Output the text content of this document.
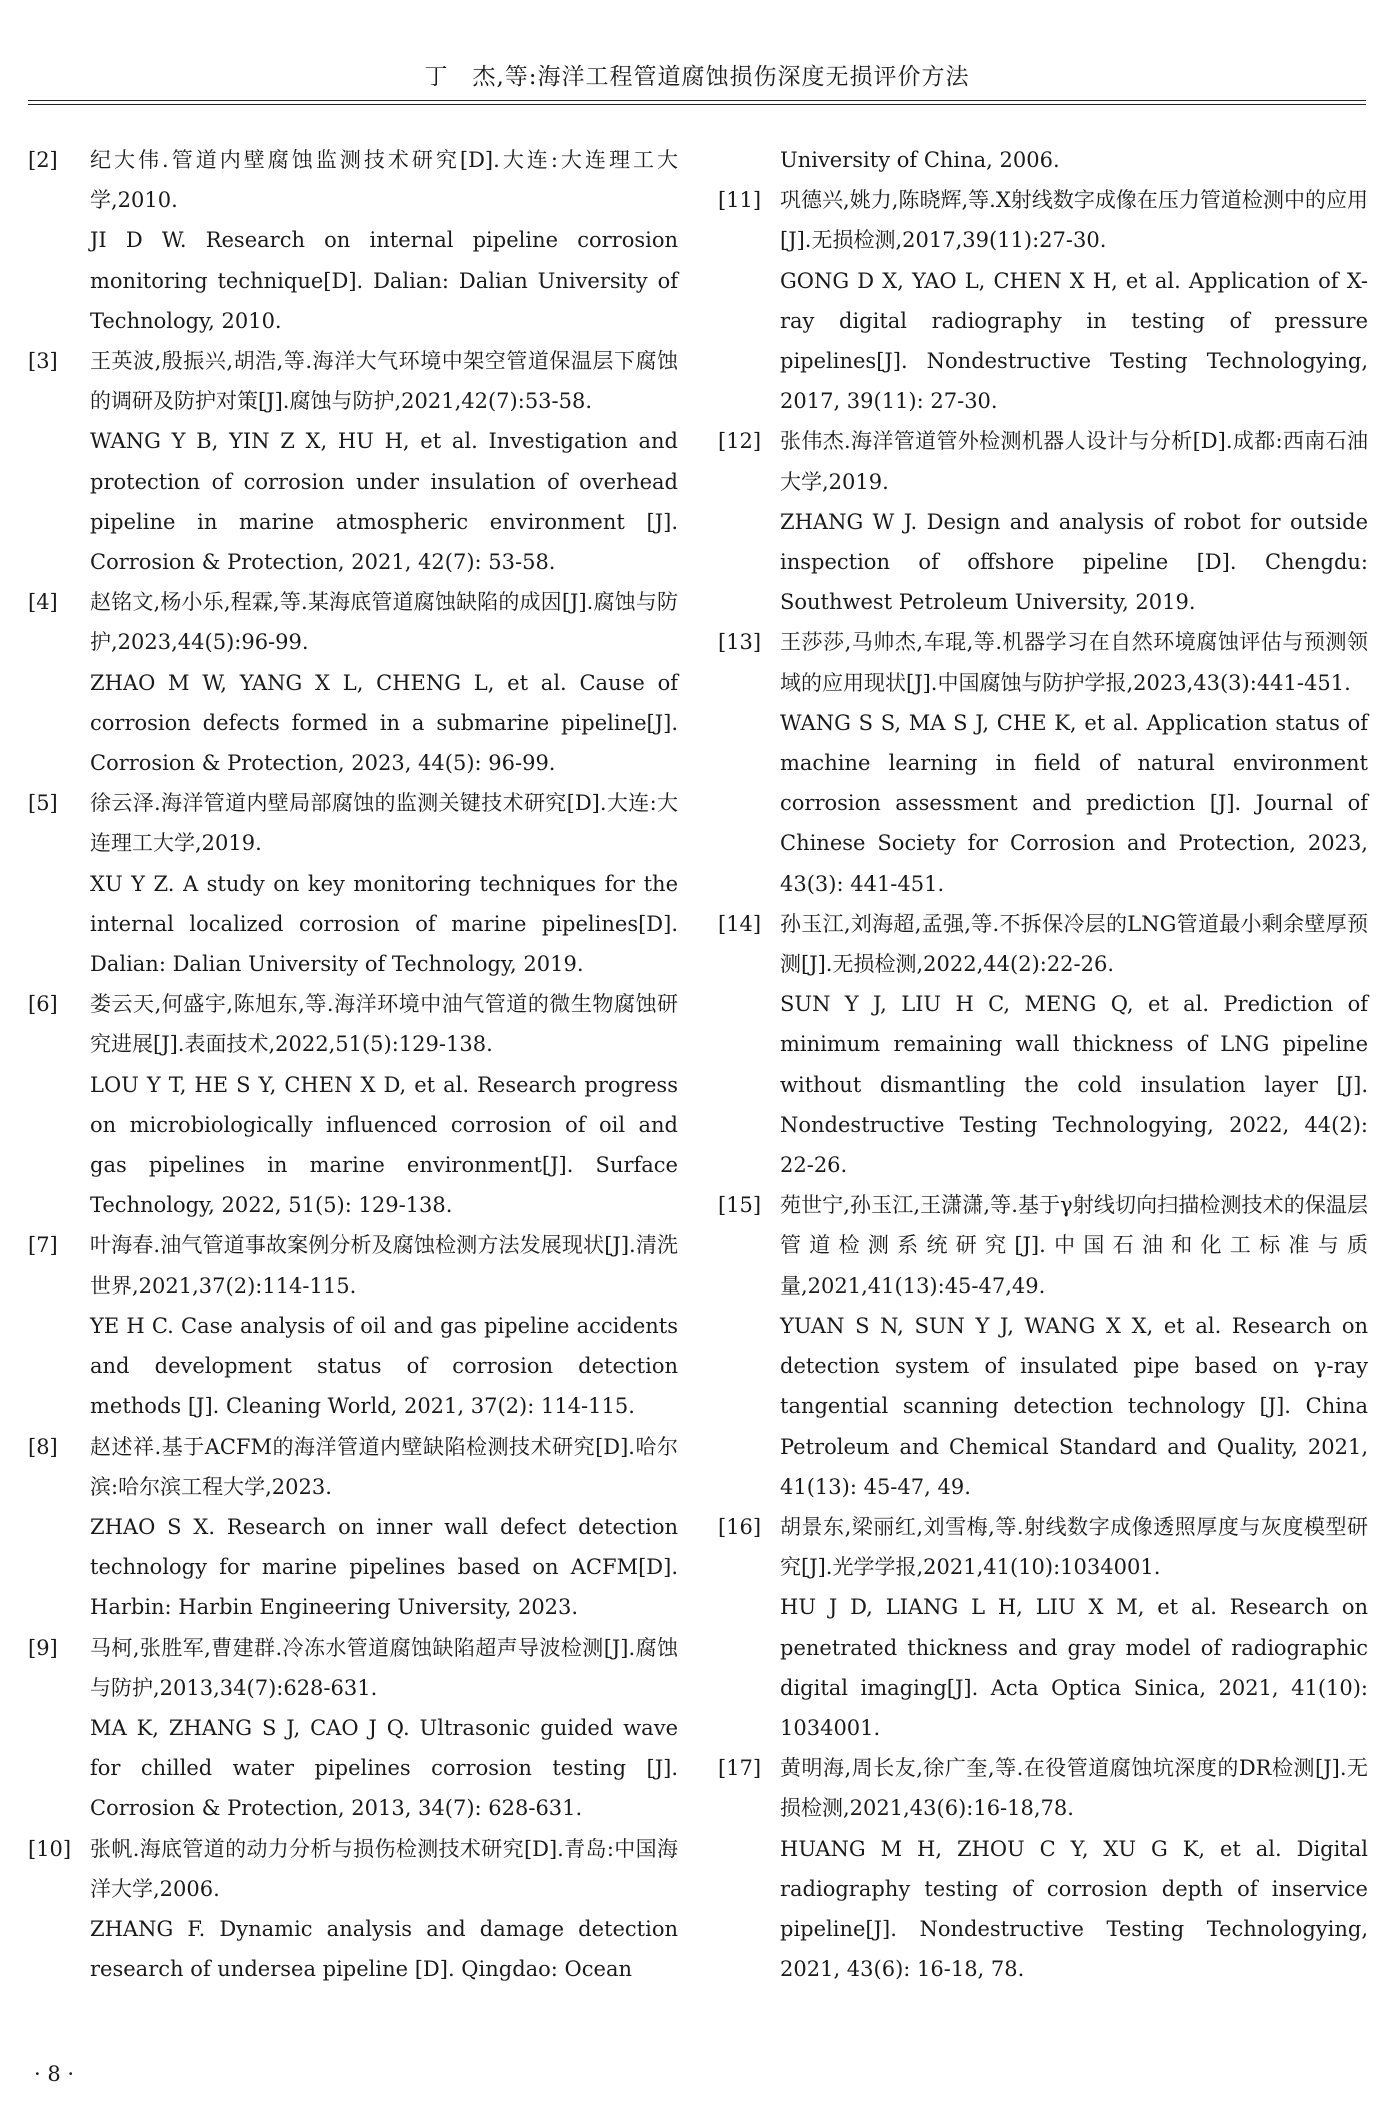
丁　杰,等:海洋工程管道腐蚀损伤深度无损评价方法
[2] 纪大伟.管道内壁腐蚀监测技术研究[D].大连:大连理工大学,2010.
JI D W. Research on internal pipeline corrosion monitoring technique[D]. Dalian: Dalian University of Technology, 2010.
[3] 王英波,殷振兴,胡浩,等.海洋大气环境中架空管道保温层下腐蚀的调研及防护对策[J].腐蚀与防护,2021,42(7):53-58.
WANG Y B, YIN Z X, HU H, et al. Investigation and protection of corrosion under insulation of overhead pipeline in marine atmospheric environment [J]. Corrosion & Protection, 2021, 42(7): 53-58.
[4] 赵铭文,杨小乐,程霖,等.某海底管道腐蚀缺陷的成因[J].腐蚀与防护,2023,44(5):96-99.
ZHAO M W, YANG X L, CHENG L, et al. Cause of corrosion defects formed in a submarine pipeline[J]. Corrosion & Protection, 2023, 44(5): 96-99.
[5] 徐云泽.海洋管道内壁局部腐蚀的监测关键技术研究[D].大连:大连理工大学,2019.
XU Y Z. A study on key monitoring techniques for the internal localized corrosion of marine pipelines[D]. Dalian: Dalian University of Technology, 2019.
[6] 娄云天,何盛宇,陈旭东,等.海洋环境中油气管道的微生物腐蚀研究进展[J].表面技术,2022,51(5):129-138.
LOU Y T, HE S Y, CHEN X D, et al. Research progress on microbiologically influenced corrosion of oil and gas pipelines in marine environment[J]. Surface Technology, 2022, 51(5): 129-138.
[7] 叶海春.油气管道事故案例分析及腐蚀检测方法发展现状[J].清洗世界,2021,37(2):114-115.
YE H C. Case analysis of oil and gas pipeline accidents and development status of corrosion detection methods [J]. Cleaning World, 2021, 37(2): 114-115.
[8] 赵述祥.基于ACFM的海洋管道内壁缺陷检测技术研究[D].哈尔滨:哈尔滨工程大学,2023.
ZHAO S X. Research on inner wall defect detection technology for marine pipelines based on ACFM[D]. Harbin: Harbin Engineering University, 2023.
[9] 马柯,张胜军,曹建群.冷冻水管道腐蚀缺陷超声导波检测[J].腐蚀与防护,2013,34(7):628-631.
MA K, ZHANG S J, CAO J Q. Ultrasonic guided wave for chilled water pipelines corrosion testing [J]. Corrosion & Protection, 2013, 34(7): 628-631.
[10] 张帆.海底管道的动力分析与损伤检测技术研究[D].青岛:中国海洋大学,2006.
ZHANG F. Dynamic analysis and damage detection research of undersea pipeline [D]. Qingdao: Ocean
University of China, 2006.
[11] 巩德兴,姚力,陈晓辉,等.X射线数字成像在压力管道检测中的应用[J].无损检测,2017,39(11):27-30.
GONG D X, YAO L, CHEN X H, et al. Application of X-ray digital radiography in testing of pressure pipelines[J]. Nondestructive Testing Technologying, 2017, 39(11): 27-30.
[12] 张伟杰.海洋管道管外检测机器人设计与分析[D].成都:西南石油大学,2019.
ZHANG W J. Design and analysis of robot for outside inspection of offshore pipeline [D]. Chengdu: Southwest Petroleum University, 2019.
[13] 王莎莎,马帅杰,车琨,等.机器学习在自然环境腐蚀评估与预测领域的应用现状[J].中国腐蚀与防护学报,2023,43(3):441-451.
WANG S S, MA S J, CHE K, et al. Application status of machine learning in field of natural environment corrosion assessment and prediction [J]. Journal of Chinese Society for Corrosion and Protection, 2023, 43(3): 441-451.
[14] 孙玉江,刘海超,孟强,等.不拆保冷层的LNG管道最小剩余壁厚预测[J].无损检测,2022,44(2):22-26.
SUN Y J, LIU H C, MENG Q, et al. Prediction of minimum remaining wall thickness of LNG pipeline without dismantling the cold insulation layer [J]. Nondestructive Testing Technologying, 2022, 44(2): 22-26.
[15] 苑世宁,孙玉江,王潇潇,等.基于γ射线切向扫描检测技术的保温层管道检测系统研究[J].中国石油和化工标准与质量,2021,41(13):45-47,49.
YUAN S N, SUN Y J, WANG X X, et al. Research on detection system of insulated pipe based on γ-ray tangential scanning detection technology [J]. China Petroleum and Chemical Standard and Quality, 2021, 41(13): 45-47, 49.
[16] 胡景东,梁丽红,刘雪梅,等.射线数字成像透照厚度与灰度模型研究[J].光学学报,2021,41(10):1034001.
HU J D, LIANG L H, LIU X M, et al. Research on penetrated thickness and gray model of radiographic digital imaging[J]. Acta Optica Sinica, 2021, 41(10): 1034001.
[17] 黄明海,周长友,徐广奎,等.在役管道腐蚀坑深度的DR检测[J].无损检测,2021,43(6):16-18,78.
HUANG M H, ZHOU C Y, XU G K, et al. Digital radiography testing of corrosion depth of inservice pipeline[J]. Nondestructive Testing Technologying, 2021, 43(6): 16-18, 78.
· 8 ·
